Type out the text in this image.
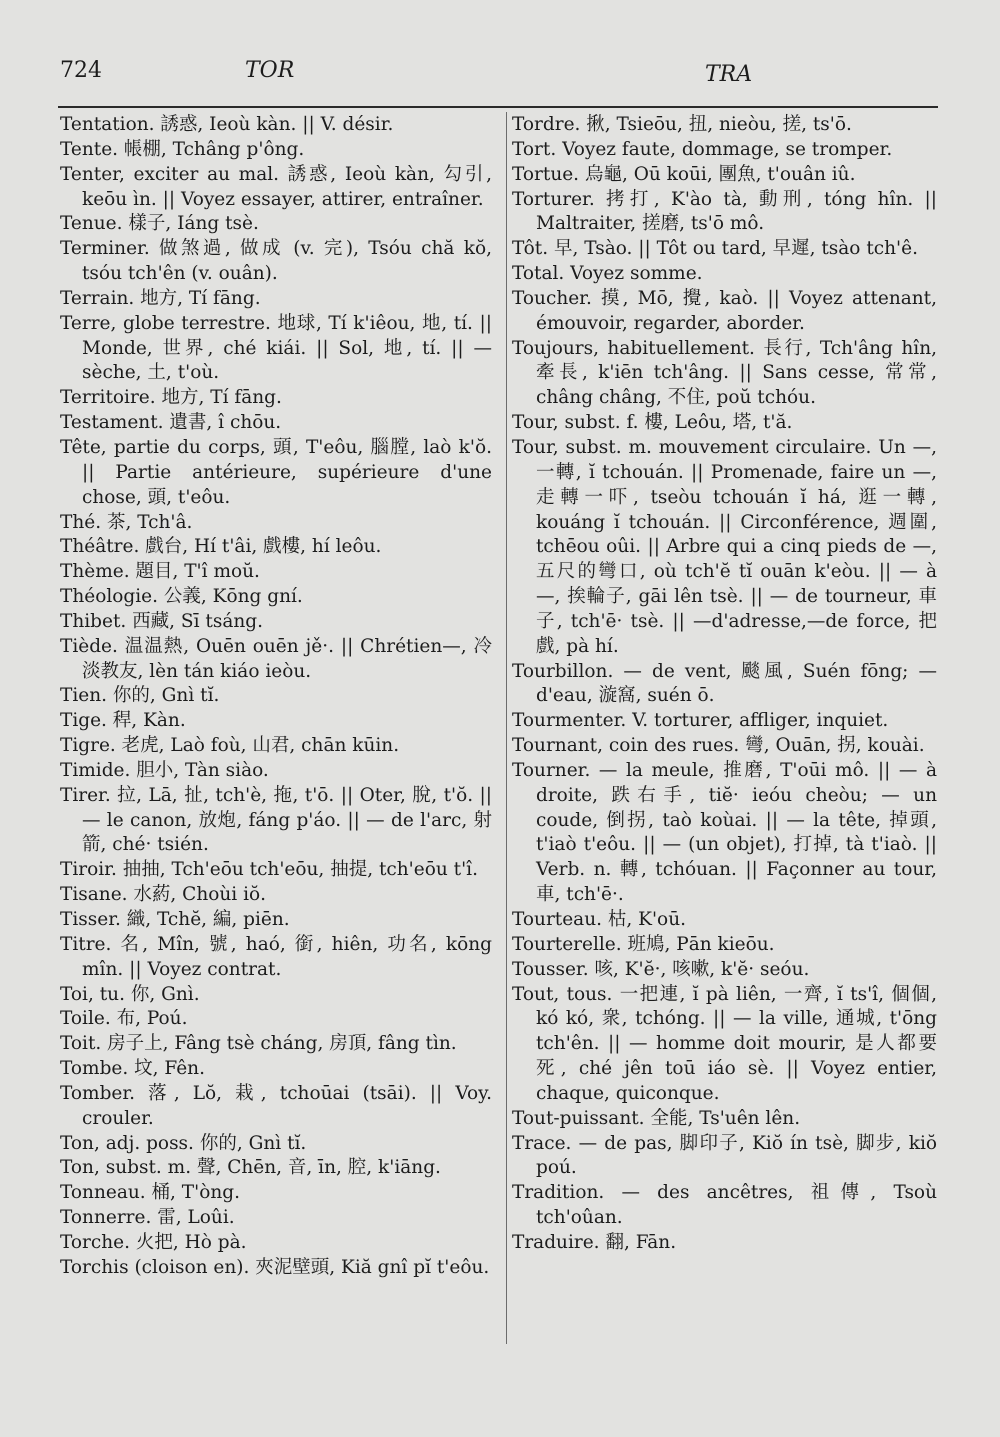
724	TOR	TRA
Tentation. 誘惑, Ieoù kàn. || V. désir.
Tente. 帳棚, Tchâng p'ông.
Tenter, exciter au mal. 誘惑, Ieoù kàn, 勾引, keōu ìn. || Voyez essayer, attirer, entraîner.
Tenue. 樣子, Iáng tsè.
Terminer. 做煞過, 做成 (v. 完), Tsóu chă kŏ, tsóu tch'ên (v. ouân).
Terrain. 地方, Tí fāng.
Terre, globe terrestre. 地球, Tí k'iêou, 地, tí. || Monde, 世界, ché kiái. || Sol, 地, tí. || — sèche, 土, t'où.
Territoire. 地方, Tí fāng.
Testament. 遺書, î chōu.
Tête, partie du corps, 頭, T'eôu, 腦膛, laò k'ŏ. || Partie antérieure, supérieure d'une chose, 頭, t'eôu.
Thé. 茶, Tch'â.
Théâtre. 戲台, Hí t'âi, 戲樓, hí leôu.
Thème. 題目, T'î moŭ.
Théologie. 公義, Kōng gní.
Thibet. 西藏, Sī tsáng.
Tiède. 温温熱, Ouēn ouēn jě·. || Chrétien—, 冷淡教友, lèn tán kiáo ieòu.
Tien. 你的, Gnì tĭ.
Tige. 稈, Kàn.
Tigre. 老虎, Laò foù, 山君, chān kūin.
Timide. 胆小, Tàn siào.
Tirer. 拉, Lā, 扯, tch'è, 拖, t'ō. || Oter, 脫, t'ŏ. || — le canon, 放炮, fáng p'áo. || — de l'arc, 射箭, ché· tsién.
Tiroir. 抽抽, Tch'eōu tch'eōu, 抽提, tch'eōu t'î.
Tisane. 水葯, Choùi iŏ.
Tisser. 織, Tchĕ, 編, piēn.
Titre. 名, Mîn, 號, haó, 銜, hiên, 功名, kōng mîn. || Voyez contrat.
Toi, tu. 你, Gnì.
Toile. 布, Poú.
Toit. 房子上, Fâng tsè cháng, 房頂, fâng tìn.
Tombe. 坟, Fên.
Tomber. 落, Lŏ, 栽, tchoūai (tsāi). || Voy. crouler.
Ton, adj. poss. 你的, Gnì tĭ.
Ton, subst. m. 聲, Chēn, 音, īn, 腔, k'iāng.
Tonneau. 桶, T'òng.
Tonnerre. 雷, Loûi.
Torche. 火把, Hò pà.
Torchis (cloison en). 夾泥壁頭, Kiă gnî pĭ t'eôu.
Tordre. 揪, Tsieōu, 扭, nieòu, 搓, ts'ō.
Tort. Voyez faute, dommage, se tromper.
Tortue. 烏龜, Oū koūi, 團魚, t'ouân iû.
Torturer. 拷打, K'ào tà, 動刑, tóng hîn. || Maltraiter, 搓磨, ts'ō mô.
Tôt. 早, Tsào. || Tôt ou tard, 早遲, tsào tch'ê.
Total. Voyez somme.
Toucher. 摸, Mō, 攪, kaò. || Voyez attenant, émouvoir, regarder, aborder.
Toujours, habituellement. 長行, Tch'âng hîn, 牽長, k'iēn tch'âng. || Sans cesse, 常常, châng châng, 不住, poŭ tchóu.
Tour, subst. f. 樓, Leôu, 塔, t'ă.
Tour, subst. m. mouvement circulaire. Un —, 一轉, ĭ tchouán. || Promenade, faire un —, 走轉一吓, tseòu tchouán ĭ há, 逛一轉, kouáng ĭ tchouán. || Circonférence, 週圍, tchēou oûi. || Arbre qui a cinq pieds de —, 五尺的彎口, où tch'ĕ tĭ ouān k'eòu. || — à —, 挨輪子, gāi lên tsè. || — de tourneur, 車子, tch'ē· tsè. || —d'adresse,—de force, 把戲, pà hí.
Tourbillon. — de vent, 颷風, Suén fōng; — d'eau, 漩窩, suén ō.
Tourmenter. V. torturer, affliger, inquiet.
Tournant, coin des rues. 彎, Ouān, 拐, kouài.
Tourner. — la meule, 推磨, T'oūi mô. || — à droite, 跌右手, tiĕ· ieóu cheòu; — un coude, 倒拐, taò koùai. || — la tête, 掉頭, t'iaò t'eôu. || — (un objet), 打掉, tà t'iaò. || Verb. n. 轉, tchóuan. || Façonner au tour, 車, tch'ē·.
Tourteau. 枯, K'oū.
Tourterelle. 班鳩, Pān kieōu.
Tousser. 咳, K'ĕ·, 咳嗽, k'ĕ· seóu.
Tout, tous. 一把連, ĭ pà liên, 一齊, ĭ ts'î, 個個, kó kó, 衆, tchóng. || — la ville, 通城, t'ōng tch'ên. || — homme doit mourir, 是人都要死, ché jên toū iáo sè. || Voyez entier, chaque, quiconque.
Tout-puissant. 全能, Ts'uên lên.
Trace. — de pas, 脚印子, Kiŏ ín tsè, 脚步, kiŏ poú.
Tradition. — des ancêtres, 祖傳, Tsoù tch'oûan.
Traduire. 翻, Fān.
